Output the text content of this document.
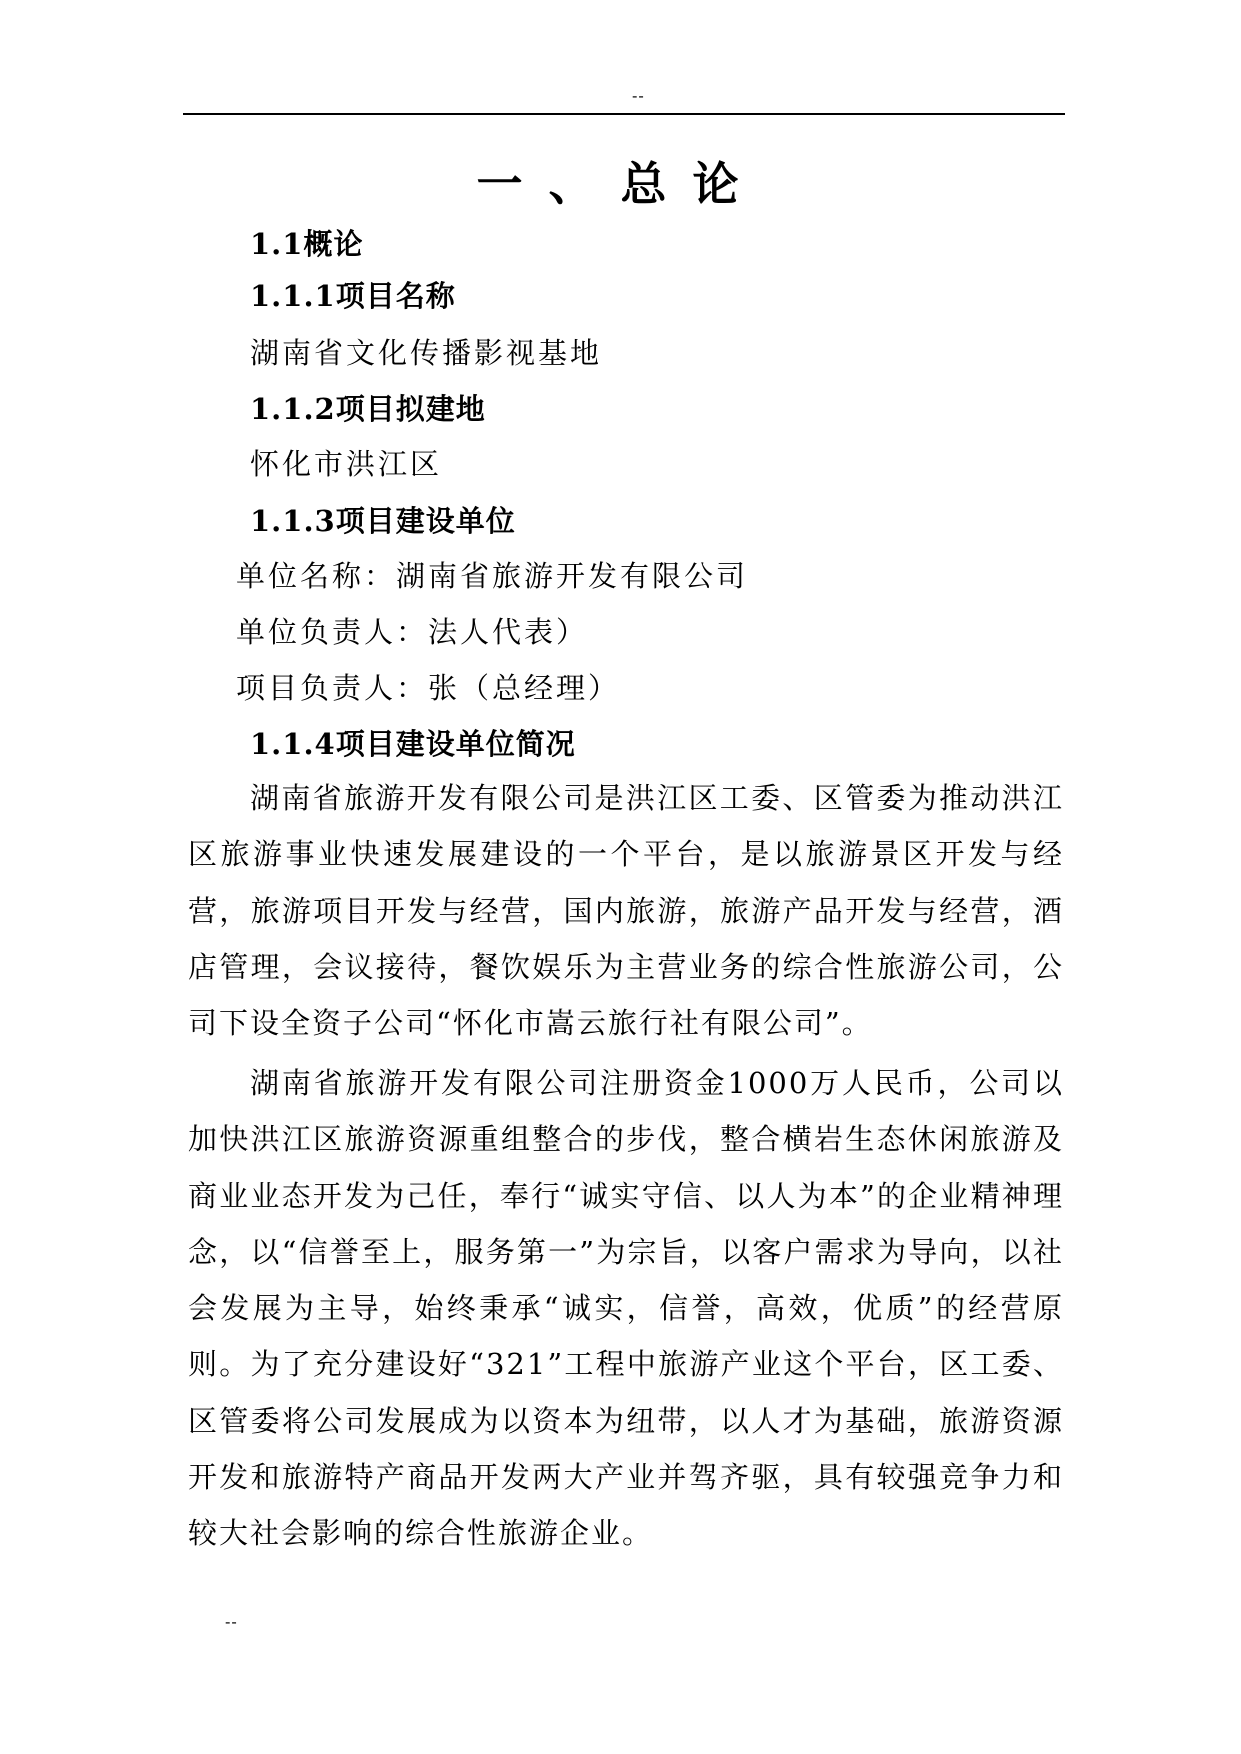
--
一、总论
1.1概论
1.1.1项目名称
湖南省文化传播影视基地
1.1.2项目拟建地
怀化市洪江区
1.1.3项目建设单位
单位名称：湖南省旅游开发有限公司
单位负责人：法人代表）
项目负责人：张（总经理）
1.1.4项目建设单位简况

湖南省旅游开发有限公司是洪江区工委、区管委为推动洪江区旅游事业快速发展建设的一个平台，是以旅游景区开发与经营，旅游项目开发与经营，国内旅游，旅游产品开发与经营，酒店管理，会议接待，餐饮娱乐为主营业务的综合性旅游公司，公司下设全资子公司“怀化市嵩云旅行社有限公司”。

湖南省旅游开发有限公司注册资金1000万人民币，公司以加快洪江区旅游资源重组整合的步伐，整合横岩生态休闲旅游及商业业态开发为己任，奉行“诚实守信、以人为本”的企业精神理念，以“信誉至上，服务第一”为宗旨，以客户需求为导向，以社会发展为主导，始终秉承“诚实，信誉，高效，优质”的经营原则。为了充分建设好“321”工程中旅游产业这个平台，区工委、区管委将公司发展成为以资本为纽带，以人才为基础，旅游资源开发和旅游特产商品开发两大产业并驾齐驱，具有较强竞争力和较大社会影响的综合性旅游企业。

--
